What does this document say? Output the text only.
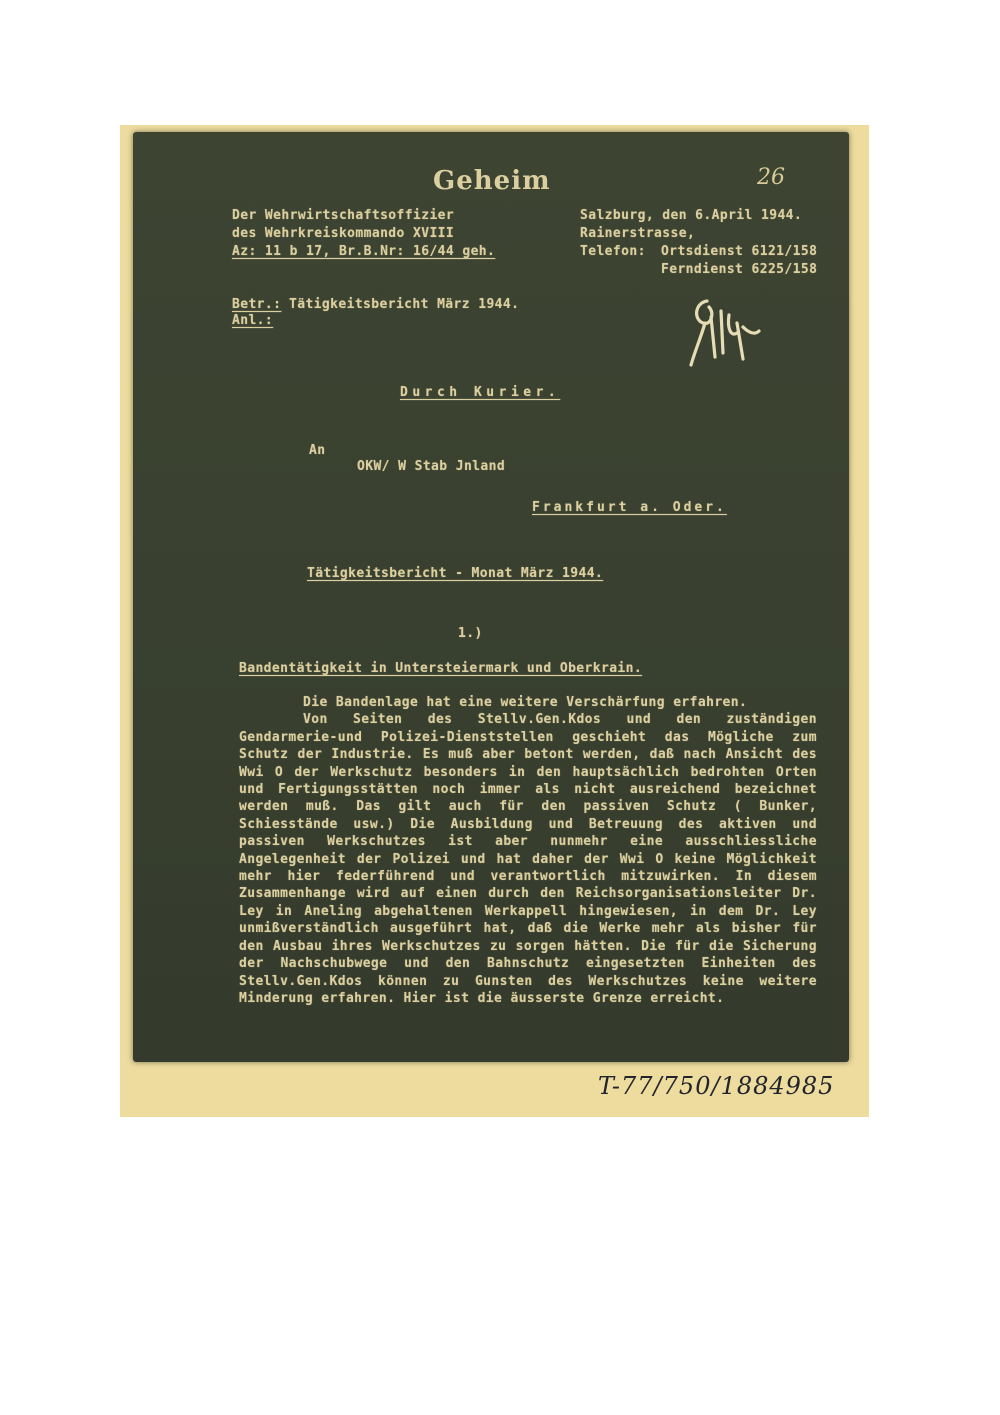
Geheim	26
Der Wehrwirtschaftsoffizier
des Wehrkreiskommando XVIII
Az: 11 b 17, Br.B.Nr: 16/44 geh.
Salzburg, den 6.April 1944.
Rainerstrasse,
Telefon: Ortsdienst 6121/158
Ferndienst 6225/158
Betr.: Tätigkeitsbericht März 1944.
Anl.:
Durch Kurier.
An
OKW/ W Stab Jnland
Frankfurt a. Oder.
Tätigkeitsbericht - Monat März 1944.
1.)
Bandentätigkeit in Untersteiermark und Oberkrain.

Die Bandenlage hat eine weitere Verschärfung erfahren.

Von Seiten des Stellv.Gen.Kdos und den zuständigen Gendarmerie-und Polizei-Dienststellen geschieht das Mögliche zum Schutz der Industrie. Es muß aber betont werden, daß nach Ansicht des Wwi O der Werkschutz besonders in den hauptsächlich bedrohten Orten und Fertigungsstätten noch immer als nicht ausreichend bezeichnet werden muß. Das gilt auch für den passiven Schutz ( Bunker, Schiesstände usw.) Die Ausbildung und Betreuung des aktiven und passiven Werkschutzes ist aber nunmehr eine ausschliessliche Angelegenheit der Polizei und hat daher der Wwi O keine Möglichkeit mehr hier federführend und verantwortlich mitzuwirken. In diesem Zusammenhange wird auf einen durch den Reichsorganisationsleiter Dr. Ley in Aneling abgehaltenen Werkappell hingewiesen, in dem Dr. Ley unmißverständlich ausgeführt hat, daß die Werke mehr als bisher für den Ausbau ihres Werkschutzes zu sorgen hätten. Die für die Sicherung der Nachschubwege und den Bahnschutz eingesetzten Einheiten des Stellv.Gen.Kdos können zu Gunsten des Werkschutzes keine weitere Minderung erfahren. Hier ist die äusserste Grenze erreicht.

T-77/750/1884985
